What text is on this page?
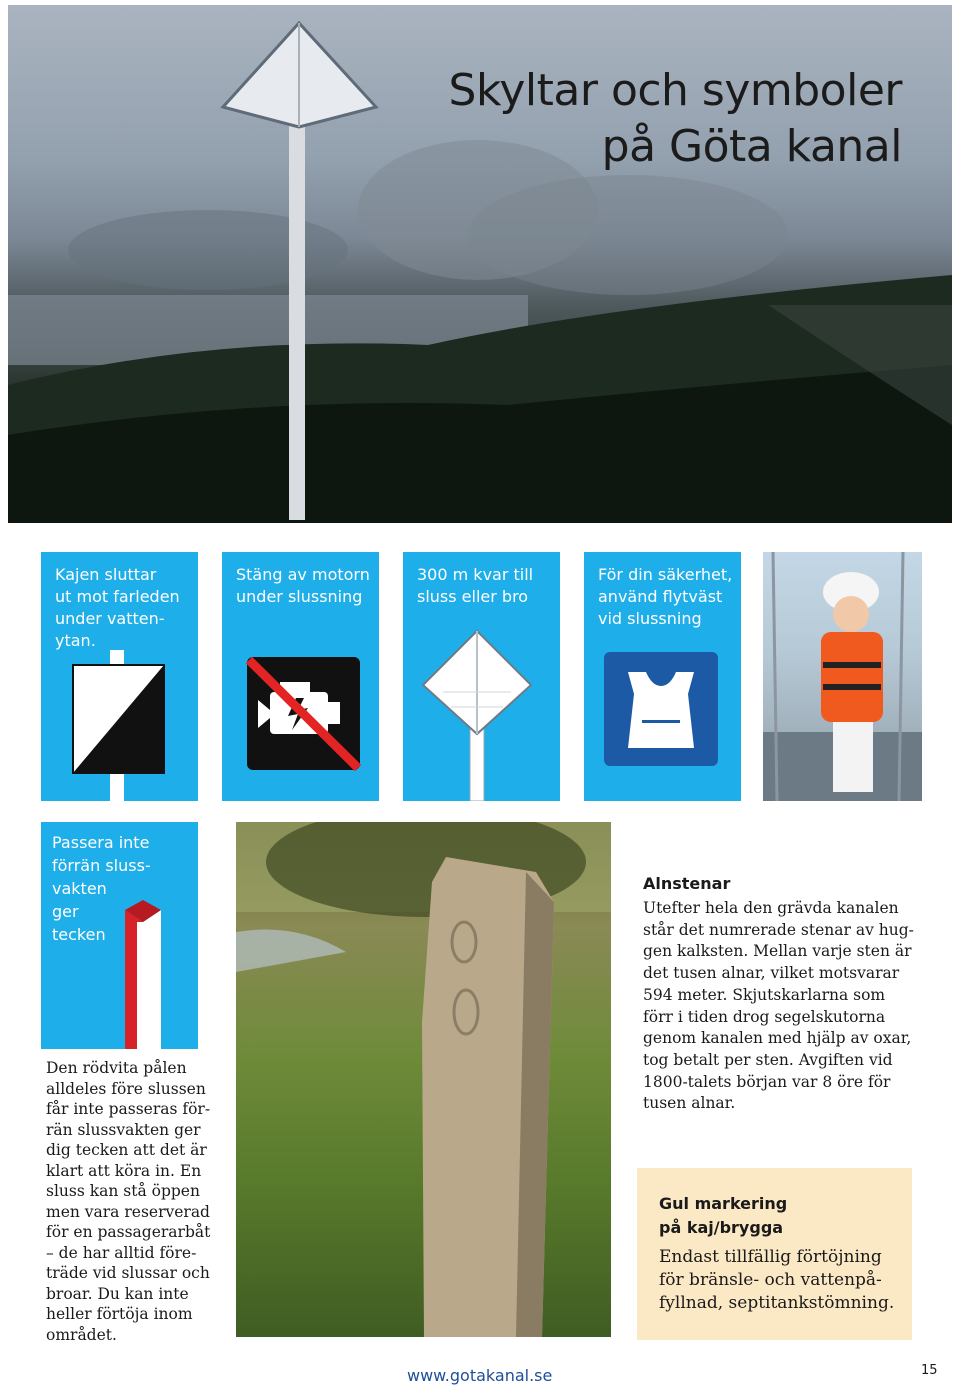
Skyltar och symboler
på Göta kanal
Kajen sluttar
ut mot farleden
under vatten-
ytan.
Stäng av motorn
under slussning
300 m kvar till
sluss eller bro
För din säkerhet,
använd flytväst
vid slussning
Passera inte
förrän sluss-
vakten
ger
tecken
Den rödvita pålen
alldeles före slussen
får inte passeras för-
rän slussvakten ger
dig tecken att det är
klart att köra in. En
sluss kan stå öppen
men vara reserverad
för en passagerarbåt
– de har alltid före-
träde vid slussar och
broar. Du kan inte
heller förtöja inom
området.
Alnstenar
Utefter hela den grävda kanalen
står det numrerade stenar av hug-
gen kalksten. Mellan varje sten är
det tusen alnar, vilket motsvarar
594 meter. Skjutskarlarna som
förr i tiden drog segelskutorna
genom kanalen med hjälp av oxar,
tog betalt per sten. Avgiften vid
1800-talets början var 8 öre för
tusen alnar.
Gul markering
på kaj/brygga
Endast tillfällig förtöjning
för bränsle- och vattenpå-
fyllnad, septitankstömning.
www.gotakanal.se	15
